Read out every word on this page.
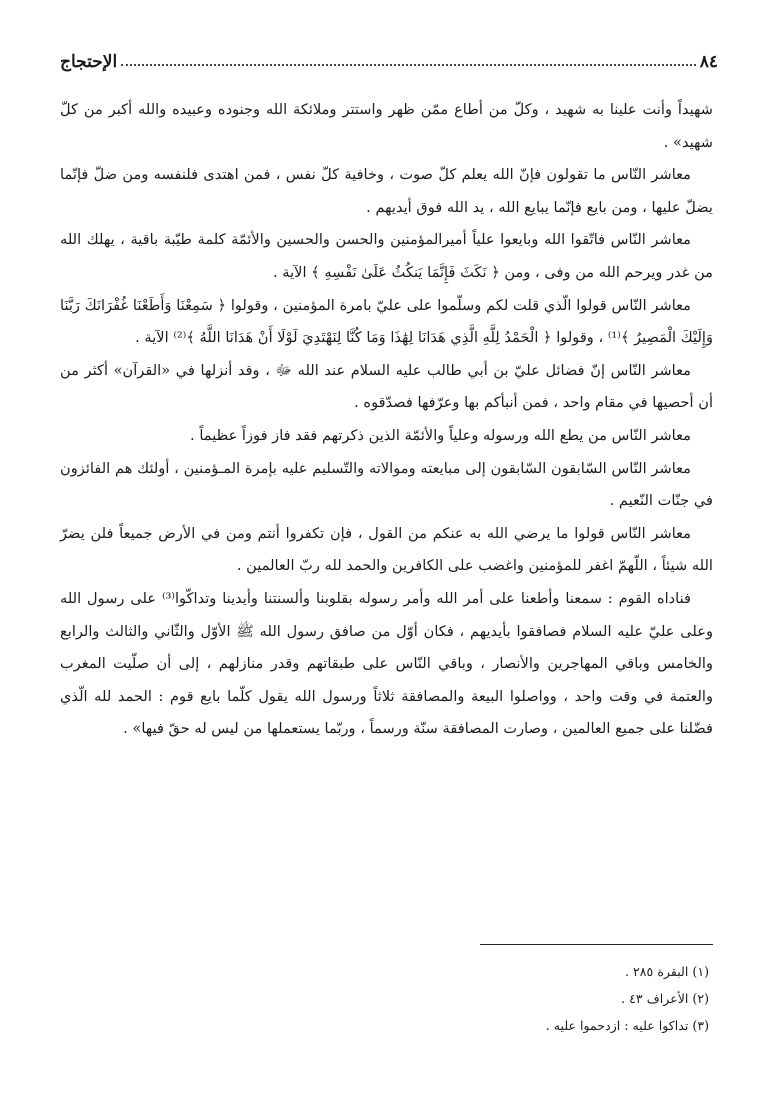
٨٤
الإحتجاج

شهيداً وأنت علينا به شهيد ، وكلّ من أطاع ممّن ظهر واستتر وملائكة الله وجنوده وعبيده والله أكبر من كلّ شهيد» .

معاشر النّاس ما تقولون فإنّ الله يعلم كلّ صوت ، وخافية كلّ نفس ، فمن اهتدى فلنفسه ومن ضلّ فإنّما يضلّ عليها ، ومن بايع فإنّما يبايع الله ، يد الله فوق أيديهم .

معاشر النّاس فاتّقوا الله وبايعوا علياً أميرالمؤمنين والحسن والحسين والأئمّة كلمة طيّبة باقية ، يهلك الله من غدر ويرحم الله من وفى ، ومن ﴿ نَكَثَ فَإِنَّمَا يَنكُثُ عَلَىٰ نَفْسِهِ ﴾ الآية .

معاشر النّاس قولوا الّذي قلت لكم وسلّموا على عليّ بامرة المؤمنين ، وقولوا ﴿ سَمِعْنَا وَأَطَعْنَا غُفْرَانَكَ رَبَّنَا وَإِلَيْكَ الْمَصِيرُ ﴾⁽¹⁾ ، وقولوا ﴿ الْحَمْدُ لِلَّهِ الَّذِي هَدَانَا لِهَٰذَا وَمَا كُنَّا لِنَهْتَدِيَ لَوْلَا أَنْ هَدَانَا اللَّهُ ﴾⁽²⁾ الآية .

معاشر النّاس إنّ فضائل عليّ بن أبي طالب عليه السلام عند الله ﷻ ، وقد أنزلها في «القرآن» أكثر من أن أحصيها في مقام واحد ، فمن أنبأكم بها وعرّفها فصدّقوه .

معاشر النّاس من يطع الله ورسوله وعلياً والأئمّة الذين ذكرتهم فقد فاز فوزاً عظيماً .

معاشر النّاس السّابقون السّابقون إلى مبايعته وموالاته والتّسليم عليه بإمرة المـؤمنين ، أولئك هم الفائزون في جنّات النّعيم .

معاشر النّاس قولوا ما يرضي الله به عنكم من القول ، فإن تكفروا أنتم ومن في الأرض جميعاً فلن يضرّ الله شيئاً ، اللّهمّ اغفر للمؤمنين واغضب على الكافرين والحمد لله ربّ العالمين .

فناداه القوم : سمعنا وأطعنا على أمر الله وأمر رسوله بقلوبنا وألسنتنا وأيدينا وتداكّوا⁽³⁾ على رسول الله وعلى عليّ عليه السلام فصافقوا بأيديهم ، فكان أوّل من صافق رسول الله ﷺ الأوّل والثّاني والثالث والرابع والخامس وباقي المهاجرين والأنصار ، وباقي النّاس على طبقاتهم وقدر منازلهم ، إلى أن صلّيت المغرب والعتمة في وقت واحد ، وواصلوا البيعة والمصافقة ثلاثاً ورسول الله يقول كلّما بايع قوم : الحمد لله الّذي فضّلنا على جميع العالمين ، وصارت المصافقة سنّة ورسماً ، وربّما يستعملها من ليس له حقّ فيها» .

(١) البقرة ٢٨٥ .
(٢) الأعراف ٤٣ .
(٣) تداكوا عليه : ازدحموا عليه .
